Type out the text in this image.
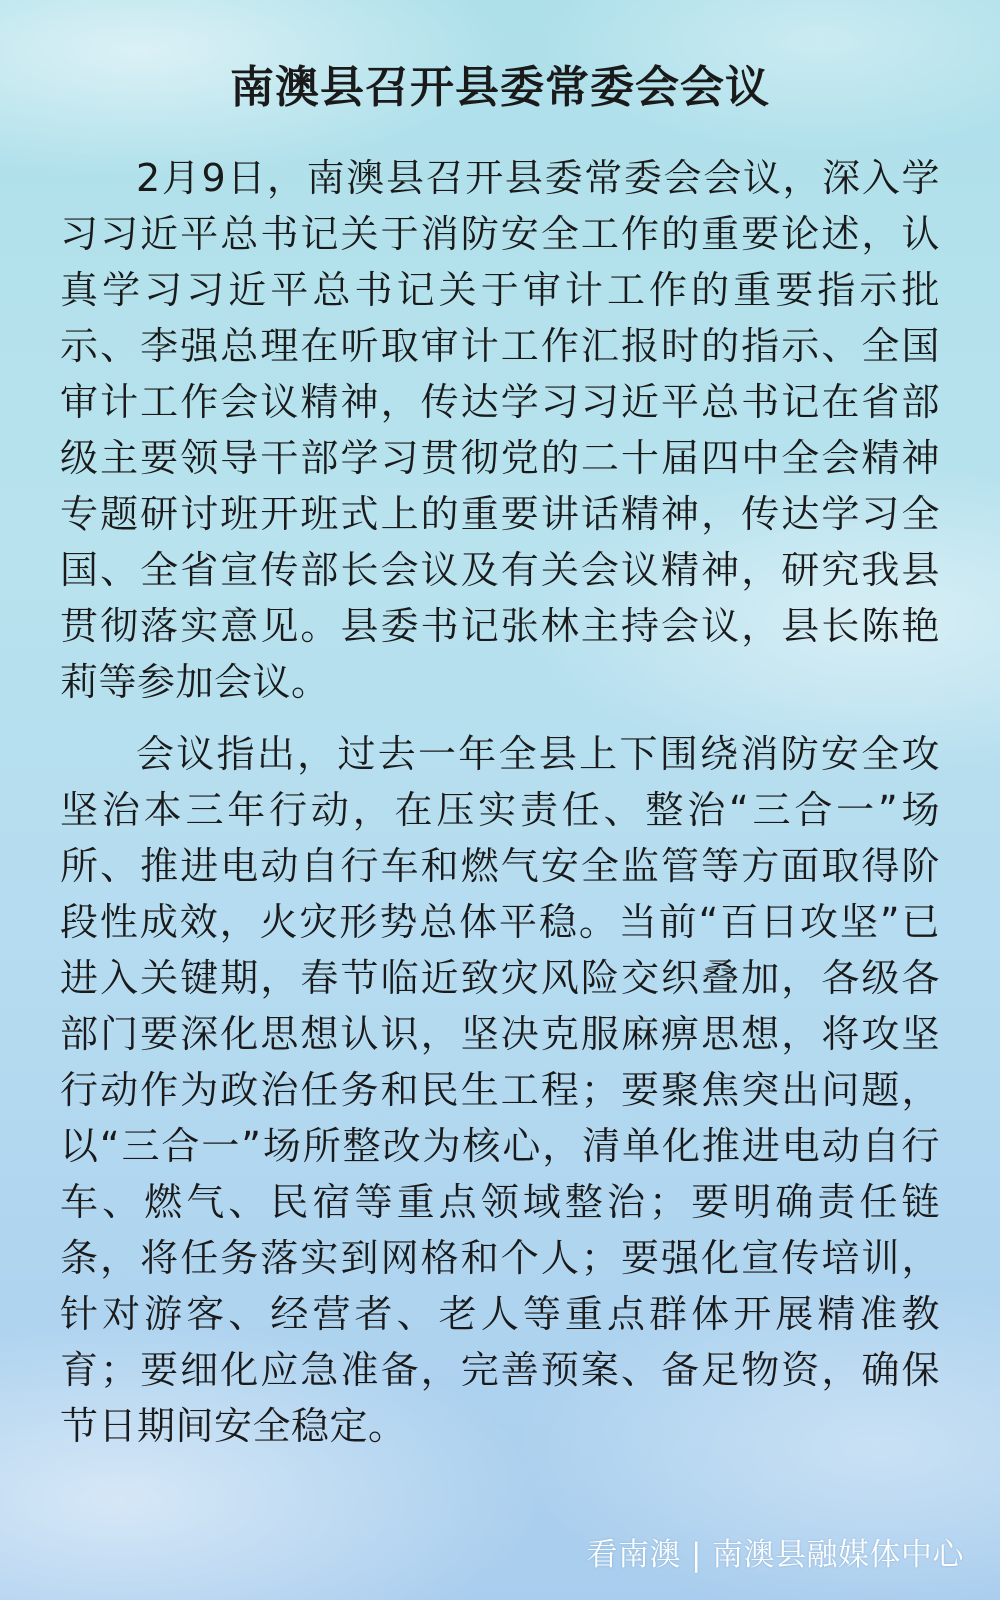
南澳县召开县委常委会会议

2月9日，南澳县召开县委常委会会议，深入学习习近平总书记关于消防安全工作的重要论述，认真学习习近平总书记关于审计工作的重要指示批示、李强总理在听取审计工作汇报时的指示、全国审计工作会议精神，传达学习习近平总书记在省部级主要领导干部学习贯彻党的二十届四中全会精神专题研讨班开班式上的重要讲话精神，传达学习全国、全省宣传部长会议及有关会议精神，研究我县贯彻落实意见。县委书记张林主持会议，县长陈艳莉等参加会议。

会议指出，过去一年全县上下围绕消防安全攻坚治本三年行动，在压实责任、整治“三合一”场所、推进电动自行车和燃气安全监管等方面取得阶段性成效，火灾形势总体平稳。当前“百日攻坚”已进入关键期，春节临近致灾风险交织叠加，各级各部门要深化思想认识，坚决克服麻痹思想，将攻坚行动作为政治任务和民生工程；要聚焦突出问题，以“三合一”场所整改为核心，清单化推进电动自行车、燃气、民宿等重点领域整治；要明确责任链条，将任务落实到网格和个人；要强化宣传培训，针对游客、经营者、老人等重点群体开展精准教育；要细化应急准备，完善预案、备足物资，确保节日期间安全稳定。

看南澳 | 南澳县融媒体中心
